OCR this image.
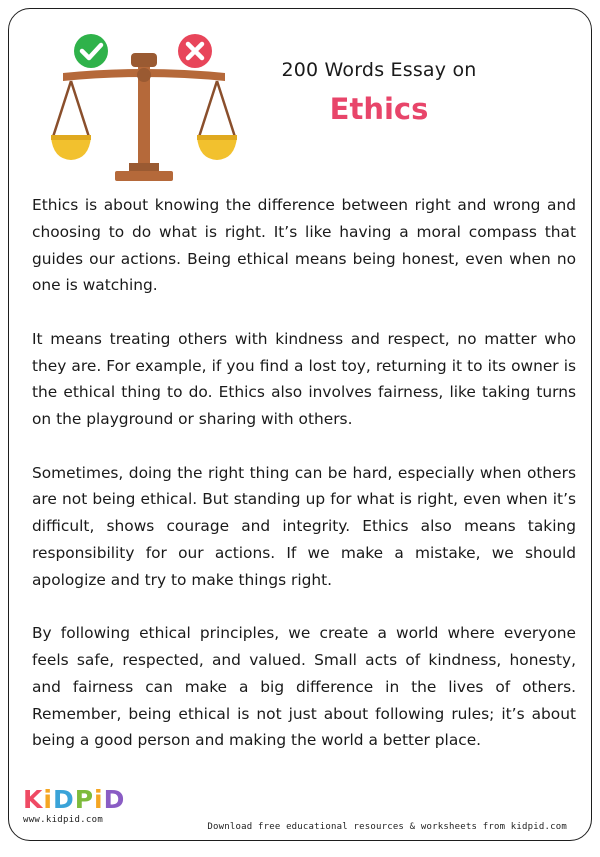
200 Words Essay on
Ethics

Ethics is about knowing the difference between right and wrong and choosing to do what is right. It’s like having a moral compass that guides our actions. Being ethical means being honest, even when no one is watching.

It means treating others with kindness and respect, no matter who they are. For example, if you find a lost toy, returning it to its owner is the ethical thing to do. Ethics also involves fairness, like taking turns on the playground or sharing with others.

Sometimes, doing the right thing can be hard, especially when others are not being ethical. But standing up for what is right, even when it’s difficult, shows courage and integrity. Ethics also means taking responsibility for our actions. If we make a mistake, we should apologize and try to make things right.

By following ethical principles, we create a world where everyone feels safe, respected, and valued. Small acts of kindness, honesty, and fairness can make a big difference in the lives of others. Remember, being ethical is not just about following rules; it’s about being a good person and making the world a better place.

KiDPiD
www.kidpid.com
Download free educational resources & worksheets from kidpid.com
